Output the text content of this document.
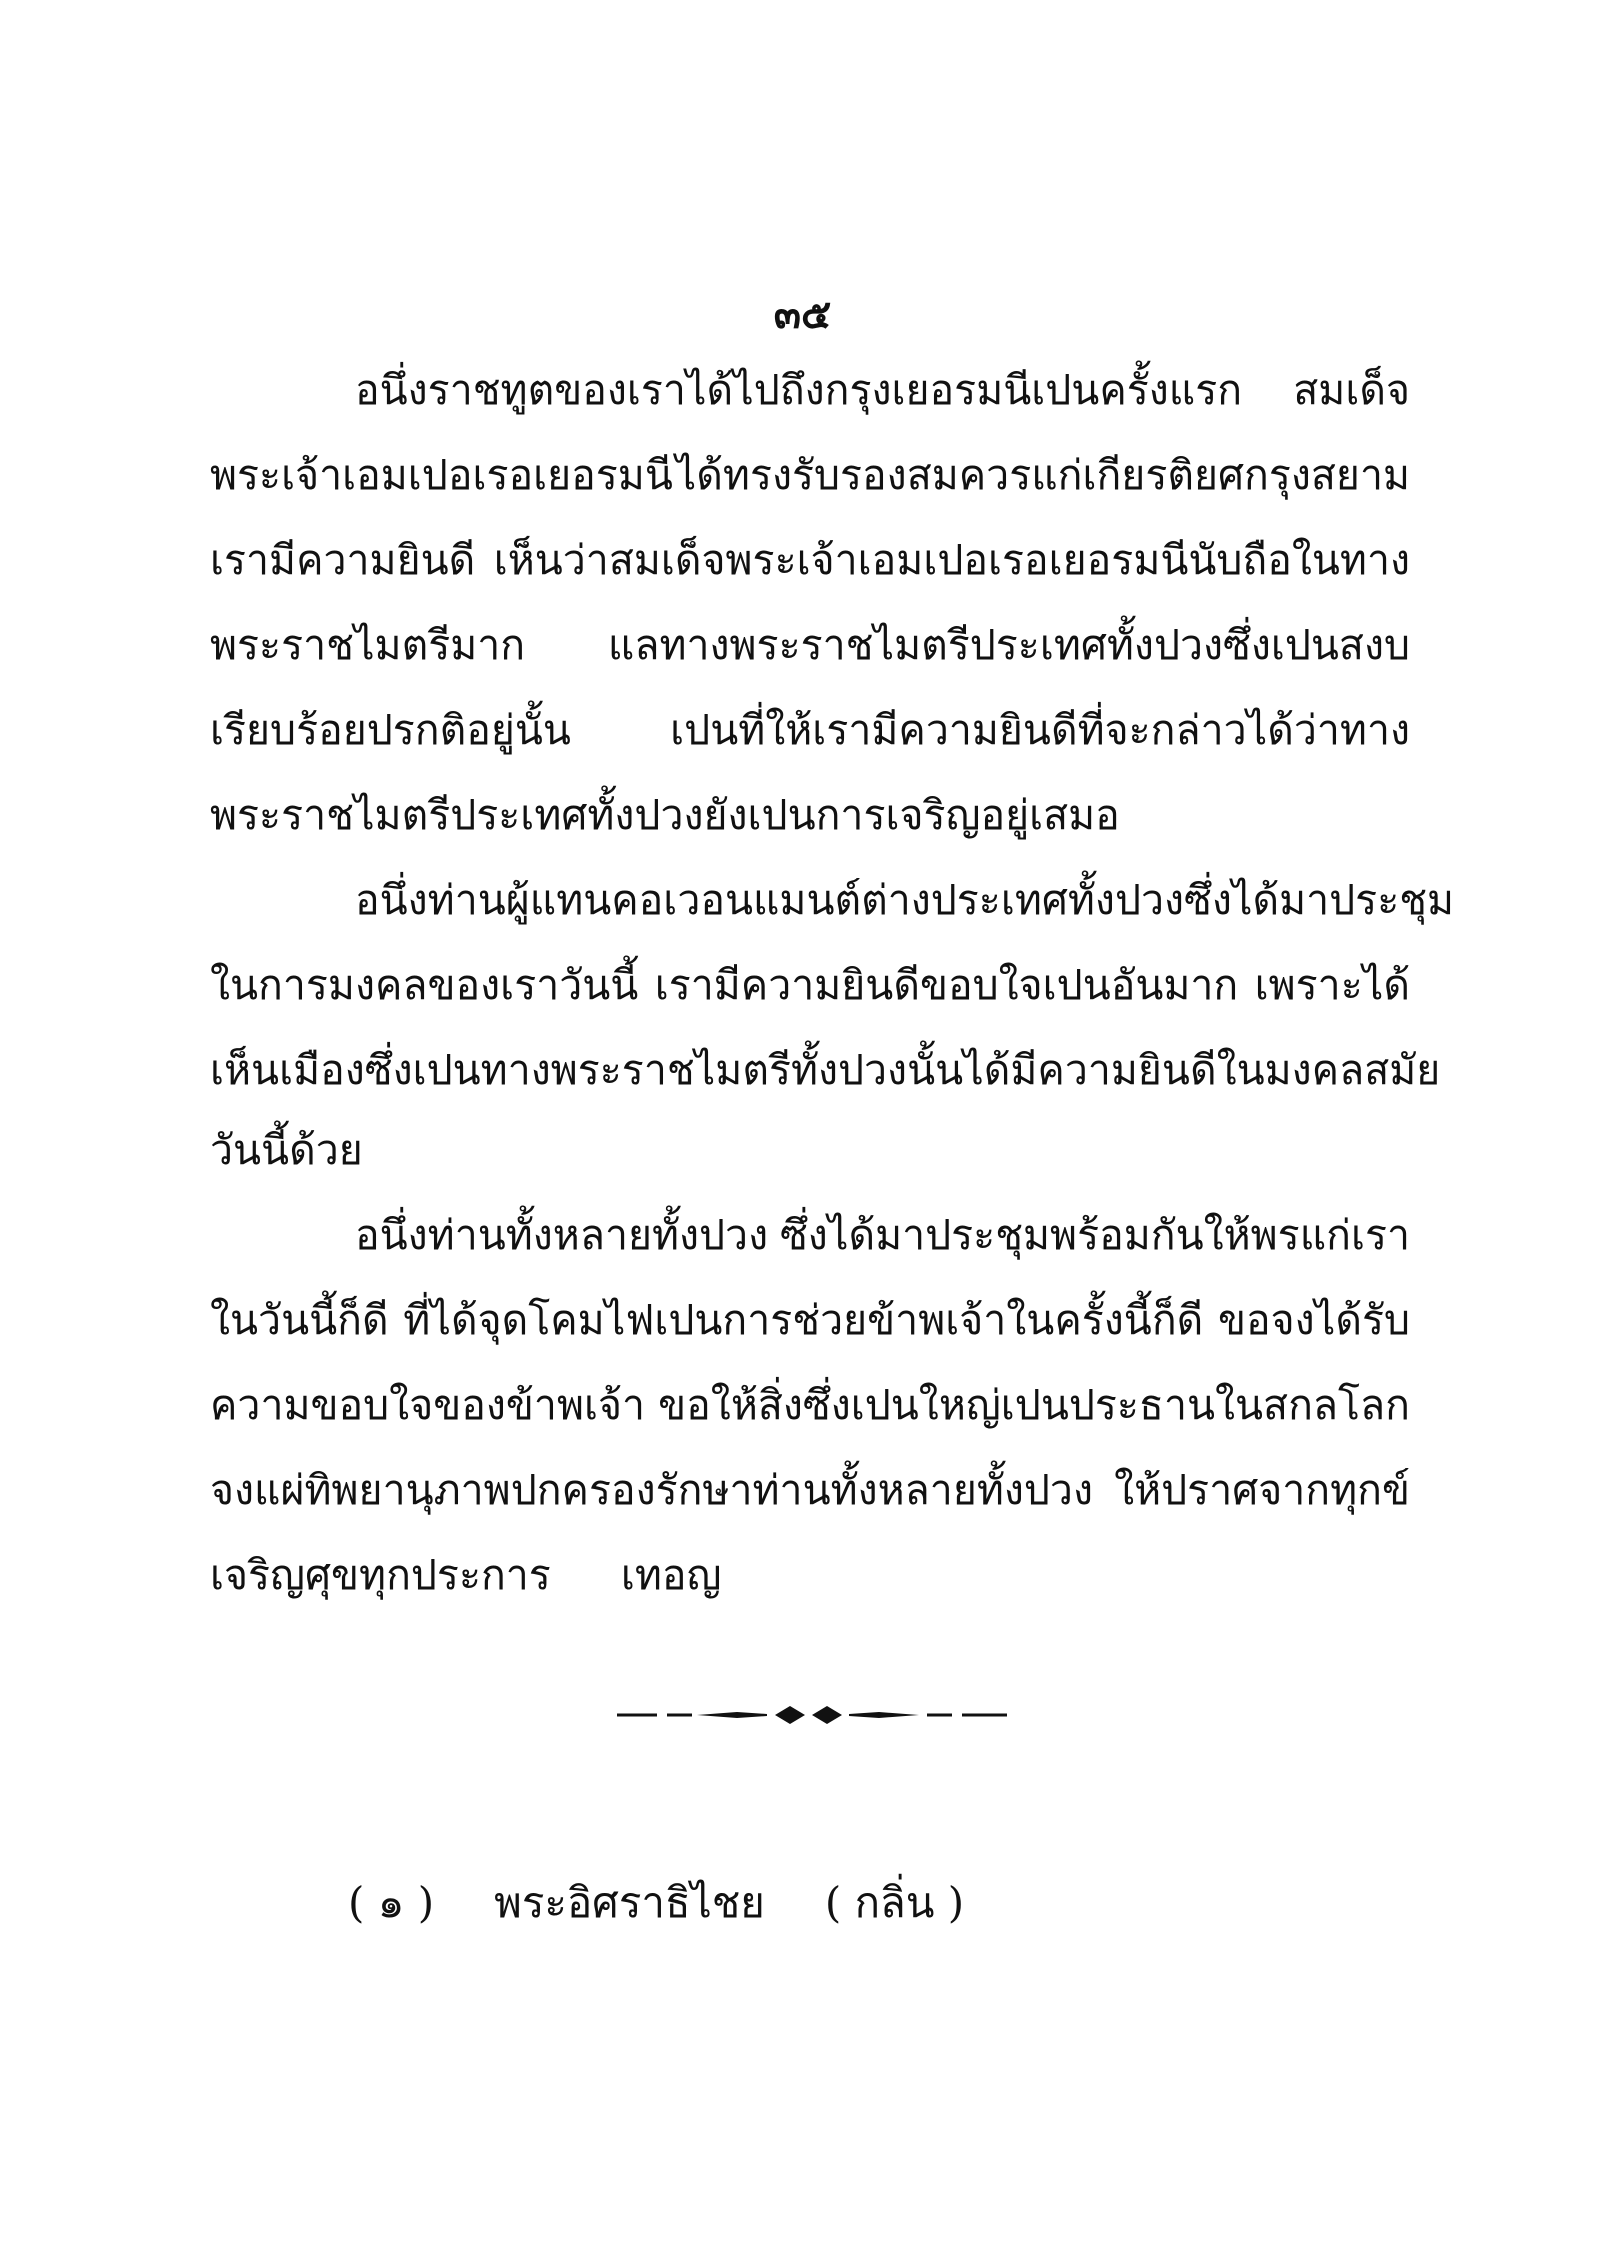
๓๕
อนึ่งราชทูตของเราได้ไปถึงกรุงเยอรมนีเปนครั้งแรก สมเด็จ
พระเจ้าเอมเปอเรอเยอรมนี ได้ทรงรับรองสมควรแก่เกียรติยศกรุงสยาม
เรามีความยินดี เห็นว่าสมเด็จพระเจ้าเอมเปอเรอเยอรมนีนับถือในทาง
พระราชไมตรีมาก แลทางพระราชไมตรีประเทศทั้งปวงซึ่งเปนสงบ
เรียบร้อยปรกติอยู่นั้น เปนที่ให้เรามีความยินดีที่จะกล่าวได้ว่าทาง
พระราชไมตรีประเทศทั้งปวงยังเปนการเจริญอยู่เสมอ
อนึ่งท่านผู้แทนคอเวอนแมนต์ต่างประเทศทั้งปวง ซึ่งได้มาประชุม
ในการมงคลของเราวันนี้ เรามีความยินดีขอบใจเปนอันมาก เพราะได้
เห็นเมืองซึ่งเปนทางพระราชไมตรีทั้งปวงนั้น ได้มีความยินดีในมงคลสมัย
วันนี้ด้วย
อนึ่งท่านทั้งหลายทั้งปวง ซึ่งได้มาประชุมพร้อมกันให้พรแก่เรา
ในวันนี้ก็ดี ที่ได้จุดโคมไฟเปนการช่วยข้าพเจ้าในครั้งนี้ก็ดี ขอจงได้รับ
ความขอบใจของข้าพเจ้า ขอให้สิ่งซึ่งเปนใหญ่เปนประธานในสกลโลก
จงแผ่ทิพยานุภาพปกครองรักษาท่านทั้งหลายทั้งปวง ให้ปราศจากทุกข์
เจริญศุขทุกประการ เทอญ
( ๑ ) พระอิศราธิไชย ( กลิ่น )
